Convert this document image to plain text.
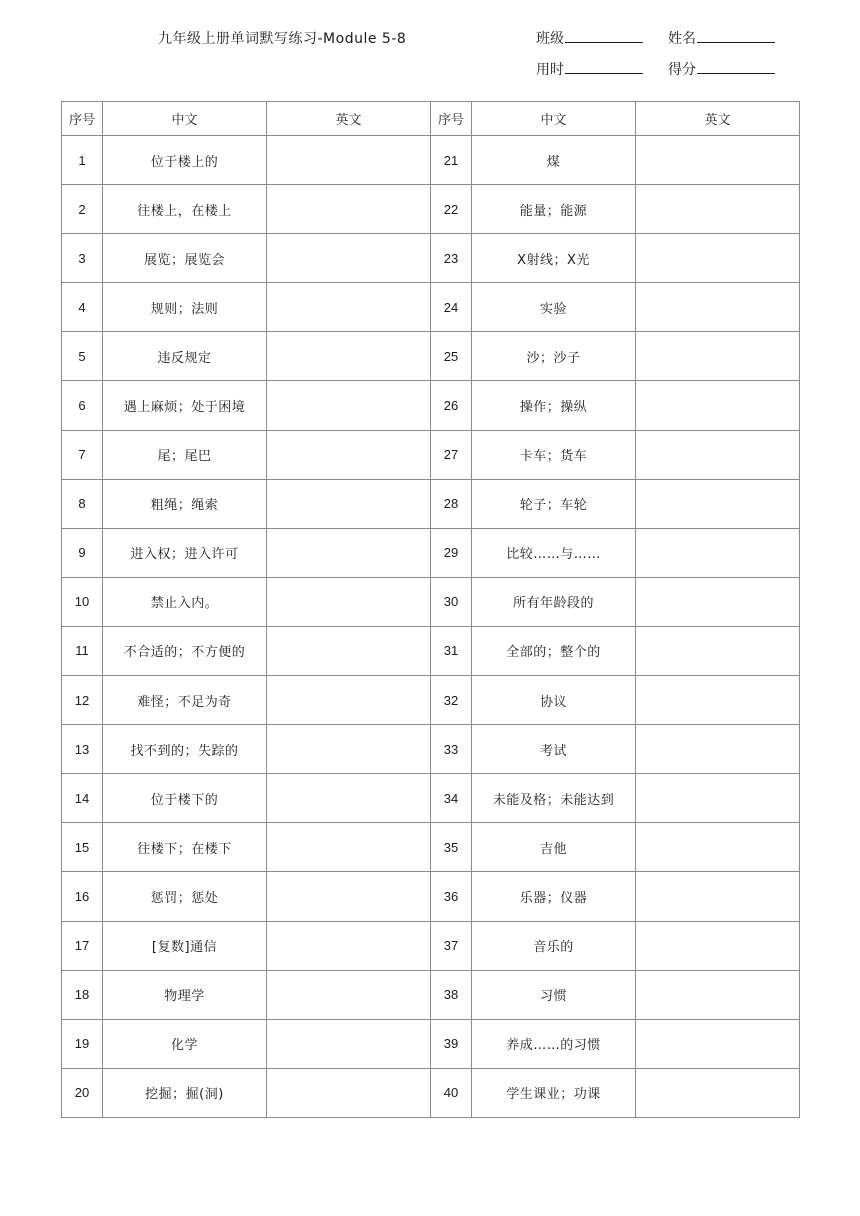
九年级上册单词默写练习-Module 5-8	班级	姓名
用时	得分
序号	中文	英文	序号	中文	英文
1	位于楼上的		21	煤	
2	往楼上，在楼上		22	能量；能源	
3	展览；展览会		23	X射线；X光	
4	规则；法则		24	实验	
5	违反规定		25	沙；沙子	
6	遇上麻烦；处于困境		26	操作；操纵	
7	尾；尾巴		27	卡车；货车	
8	粗绳；绳索		28	轮子；车轮	
9	进入权；进入许可		29	比较……与……	
10	禁止入内。		30	所有年龄段的	
11	不合适的；不方便的		31	全部的；整个的	
12	难怪；不足为奇		32	协议	
13	找不到的；失踪的		33	考试	
14	位于楼下的		34	未能及格；未能达到	
15	往楼下；在楼下		35	吉他	
16	惩罚；惩处		36	乐器；仪器	
17	[复数]通信		37	音乐的	
18	物理学		38	习惯	
19	化学		39	养成……的习惯	
20	挖掘；掘(洞)		40	学生课业；功课	
